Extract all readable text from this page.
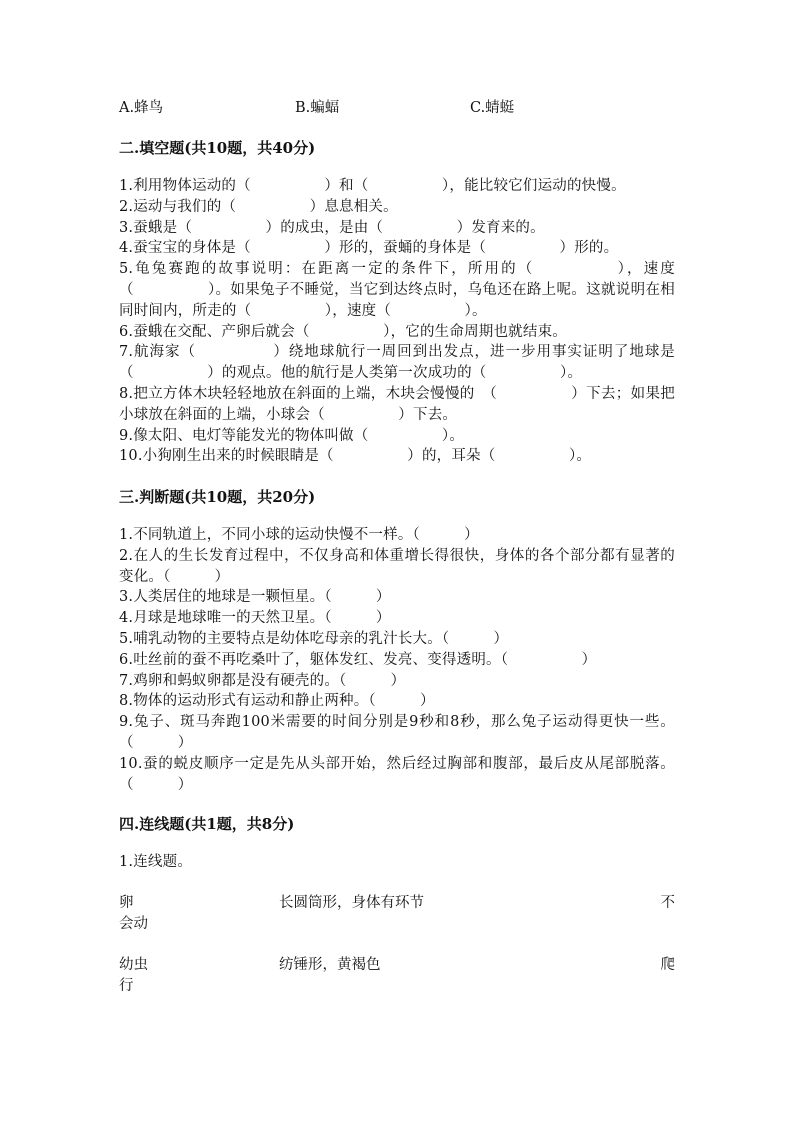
A.蜂鸟	B.蝙蝠	C.蜻蜓
二.填空题(共10题，共40分)

1.利用物体运动的（　　　　　）和（　　　　　），能比较它们运动的快慢。

2.运动与我们的（　　　　　）息息相关。

3.蚕蛾是（　　　　　）的成虫，是由（　　　　　）发育来的。

4.蚕宝宝的身体是（　　　　　）形的，蚕蛹的身体是（　　　　　）形的。

5.龟兔赛跑的故事说明：在距离一定的条件下，所用的（　　　　　），速度（　　　　　）。如果兔子不睡觉，当它到达终点时，乌龟还在路上呢。这就说明在相同时间内，所走的（　　　　　），速度（　　　　　）。

6.蚕蛾在交配、产卵后就会（　　　　　），它的生命周期也就结束。

7.航海家（　　　　　）绕地球航行一周回到出发点，进一步用事实证明了地球是（　　　　　）的观点。他的航行是人类第一次成功的（　　　　　）。

8.把立方体木块轻轻地放在斜面的上端，木块会慢慢的　（　　　　　）下去；如果把小球放在斜面的上端，小球会（　　　　　）下去。

9.像太阳、电灯等能发光的物体叫做（　　　　　）。

10.小狗刚生出来的时候眼睛是（　　　　　）的，耳朵（　　　　　）。

三.判断题(共10题，共20分)

1.不同轨道上，不同小球的运动快慢不一样。（　　　）

2.在人的生长发育过程中，不仅身高和体重增长得很快，身体的各个部分都有显著的变化。（　　　）

3.人类居住的地球是一颗恒星。（　　　）

4.月球是地球唯一的天然卫星。（　　　）

5.哺乳动物的主要特点是幼体吃母亲的乳汁长大。（　　　）

6.吐丝前的蚕不再吃桑叶了，躯体发红、发亮、变得透明。（　　　　　）

7.鸡卵和蚂蚁卵都是没有硬壳的。（　　　）

8.物体的运动形式有运动和静止两种。（　　　）

9.兔子、斑马奔跑100米需要的时间分别是9秒和8秒，那么兔子运动得更快一些。（　　　）

10.蚕的蜕皮顺序一定是先从头部开始，然后经过胸部和腹部，最后皮从尾部脱落。（　　　）

四.连线题(共1题，共8分)
1.连线题。
卵	长圆筒形，身体有环节	不
会动
幼虫	纺锤形，黄褐色	爬
行
